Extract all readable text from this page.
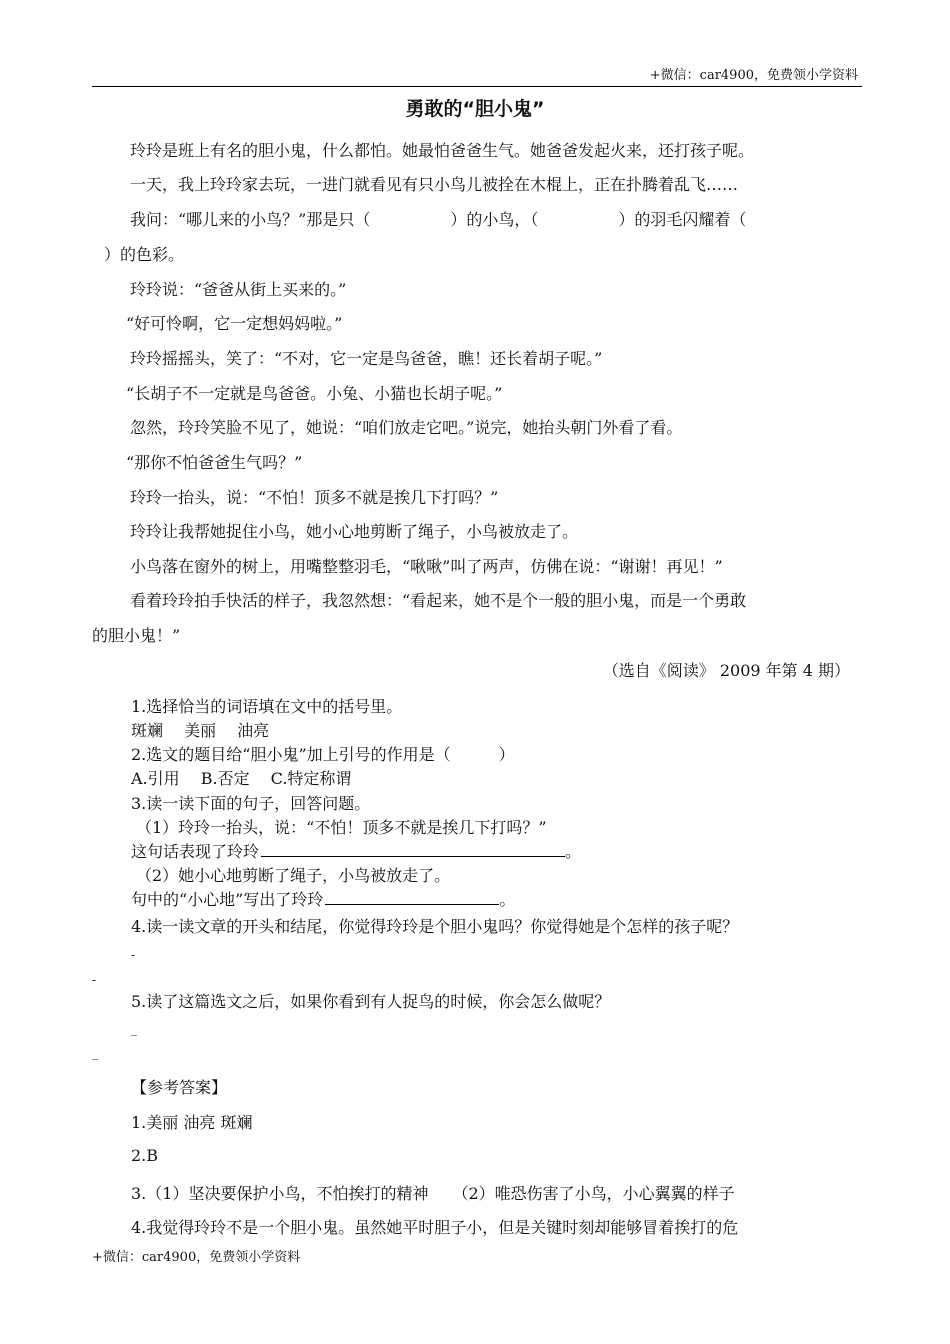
+微信：car4900，免费领小学资料
勇敢的“胆小鬼”
玲玲是班上有名的胆小鬼，什么都怕。她最怕爸爸生气。她爸爸发起火来，还打孩子呢。
一天，我上玲玲家去玩，一进门就看见有只小鸟儿被拴在木棍上，正在扑腾着乱飞……
我问：“哪儿来的小鸟？”那是只（　　　　　）的小鸟，（　　　　　）的羽毛闪耀着（
）的色彩。
玲玲说：“爸爸从街上买来的。”
“好可怜啊，它一定想妈妈啦。”
玲玲摇摇头，笑了：“不对，它一定是鸟爸爸，瞧！还长着胡子呢。”
“长胡子不一定就是鸟爸爸。小兔、小猫也长胡子呢。”
忽然，玲玲笑脸不见了，她说：“咱们放走它吧。”说完，她抬头朝门外看了看。
“那你不怕爸爸生气吗？”
玲玲一抬头，说：“不怕！顶多不就是挨几下打吗？”
玲玲让我帮她捉住小鸟，她小心地剪断了绳子，小鸟被放走了。
小鸟落在窗外的树上，用嘴整整羽毛，“啾啾”叫了两声，仿佛在说：“谢谢！再见！”
看着玲玲拍手快活的样子，我忽然想：“看起来，她不是个一般的胆小鬼，而是一个勇敢
的胆小鬼！”
（选自《阅读》 2009 年第 4 期）
1.选择恰当的词语填在文中的括号里。
斑斓　 美丽　 油亮
2.选文的题目给“胆小鬼”加上引号的作用是（　　　）
A.引用　 B.否定　 C.特定称谓
3.读一读下面的句子，回答问题。
（1）玲玲一抬头，说：“不怕！顶多不就是挨几下打吗？”
这句话表现了玲玲	。
（2）她小心地剪断了绳子，小鸟被放走了。
句中的“小心地”写出了玲玲	。
4.读一读文章的开头和结尾，你觉得玲玲是个胆小鬼吗？你觉得她是个怎样的孩子呢？
-
-
5.读了这篇选文之后，如果你看到有人捉鸟的时候，你会怎么做呢？
_
_
【参考答案】
1.美丽 油亮 斑斓
2.B
3.（1）坚决要保护小鸟，不怕挨打的精神　　（2）唯恐伤害了小鸟，小心翼翼的样子
4.我觉得玲玲不是一个胆小鬼。虽然她平时胆子小，但是关键时刻却能够冒着挨打的危
+微信：car4900，免费领小学资料
